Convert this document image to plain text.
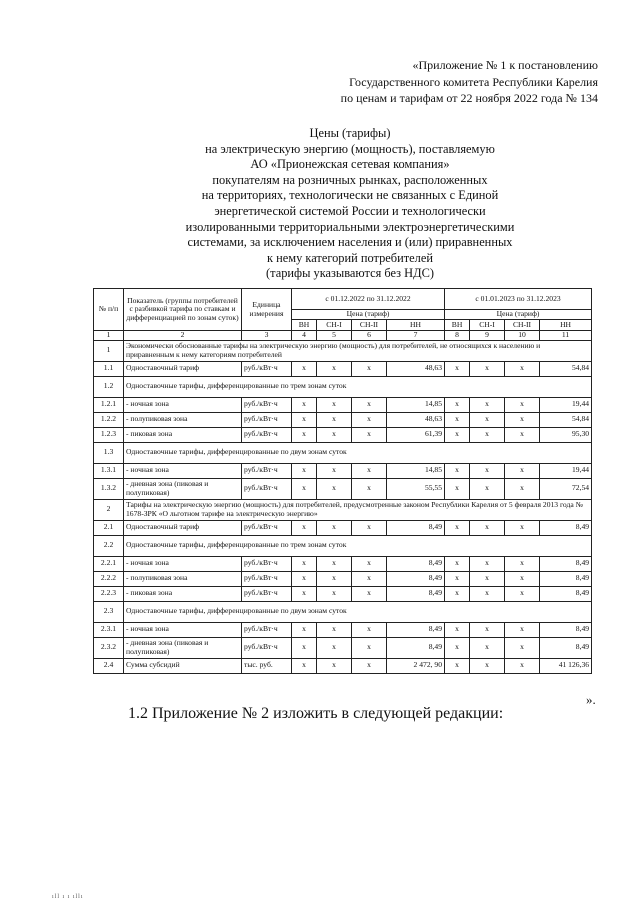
«Приложение № 1 к постановлению
Государственного комитета Республики Карелия
по ценам и тарифам от 22 ноября 2022 года № 134
Цены (тарифы)
на электрическую энергию (мощность), поставляемую
АО «Прионежская сетевая компания»
покупателям на розничных рынках, расположенных
на территориях, технологически не связанных с Единой
энергетической системой России и технологически
изолированными территориальными электроэнергетическими
системами, за исключением населения и (или) приравненных
к нему категорий потребителей
(тарифы указываются без НДС)
№ п/п	Показатель (группы потребителей с разбивкой тарифа по ставкам и дифференциацией по зонам суток)	Единица измерения	с 01.12.2022 по 31.12.2022				с 01.01.2023 по 31.12.2023			
			Цена (тариф)				Цена (тариф)			
			ВН	СН-I	СН-II	НН	ВН	СН-I	СН-II	НН
1	2	3	4	5	6	7	8	9	10	11
1	Экономически обоснованные тарифы на электрическую энергию (мощность) для потребителей, не относящихся к населению и приравненным к нему категориям потребителей									
1.1	Одноставочный тариф	руб./кВт·ч	x	x	x	48,63	x	x	x	54,84
1.2	Одноставочные тарифы, дифференцированные по трем зонам суток									
1.2.1	- ночная зона	руб./кВт·ч	x	x	x	14,85	x	x	x	19,44
1.2.2	- полупиковая зона	руб./кВт·ч	x	x	x	48,63	x	x	x	54,84
1.2.3	- пиковая зона	руб./кВт·ч	x	x	x	61,39	x	x	x	95,30
1.3	Одноставочные тарифы, дифференцированные по двум зонам суток									
1.3.1	- ночная зона	руб./кВт·ч	x	x	x	14,85	x	x	x	19,44
1.3.2	- дневная зона (пиковая и полупиковая)	руб./кВт·ч	x	x	x	55,55	x	x	x	72,54
2	Тарифы на электрическую энергию (мощность) для потребителей, предусмотренные законом Республики Карелия от 5 февраля 2013 года № 1678-ЗРК «О льготном тарифе на электрическую энергию»									
2.1	Одноставочный тариф	руб./кВт·ч	x	x	x	8,49	x	x	x	8,49
2.2	Одноставочные тарифы, дифференцированные по трем зонам суток									
2.2.1	- ночная зона	руб./кВт·ч	x	x	x	8,49	x	x	x	8,49
2.2.2	- полупиковая зона	руб./кВт·ч	x	x	x	8,49	x	x	x	8,49
2.2.3	- пиковая зона	руб./кВт·ч	x	x	x	8,49	x	x	x	8,49
2.3	Одноставочные тарифы, дифференцированные по двум зонам суток									
2.3.1	- ночная зона	руб./кВт·ч	x	x	x	8,49	x	x	x	8,49
2.3.2	- дневная зона (пиковая и полупиковая)	руб./кВт·ч	x	x	x	8,49	x	x	x	8,49
2.4	Сумма субсидий	тыс. руб.	x	x	x	2 472, 90	x	x	x	41 126,36
».
1.2 Приложение № 2 изложить в следующей редакции:
ıll ı ı ıllı
